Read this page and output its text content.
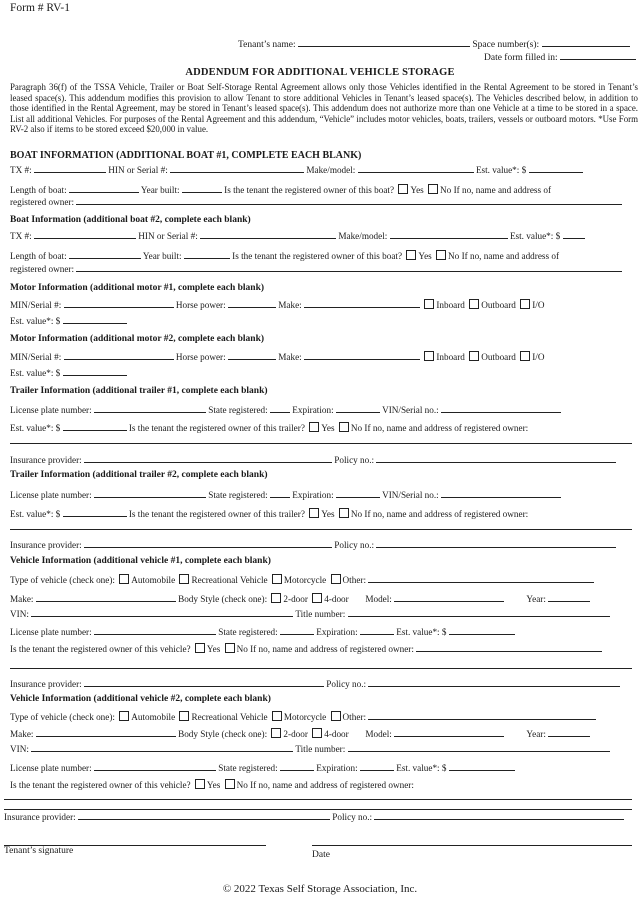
Form # RV-1
Tenant’s name:	Space number(s):
Date form filled in:
ADDENDUM FOR ADDITIONAL VEHICLE STORAGE
Paragraph 36(f) of the TSSA Vehicle, Trailer or Boat Self-Storage Rental Agreement allows only those Vehicles identified in the Rental Agreement to be stored in Tenant’s leased space(s). This addendum modifies this provision to allow Tenant to store additional Vehicles in Tenant’s leased space(s). The Vehicles described below, in addition to those identified in the Rental Agreement, may be stored in Tenant’s leased space(s). This addendum does not authorize more than one Vehicle at a time to be stored in a space. List all additional Vehicles. For purposes of the Rental Agreement and this addendum, “Vehicle” includes motor vehicles, boats, trailers, vessels or outboard motors. *Use Form RV-2 also if items to be stored exceed $20,000 in value.
BOAT INFORMATION (ADDITIONAL BOAT #1, COMPLETE EACH BLANK)
TX #:	HIN or Serial #:	Make/model:	Est. value*: $
Length of boat:	Year built:	Is the tenant the registered owner of this boat? Yes No If no, name and address of
registered owner:
Boat Information (additional boat #2, complete each blank)
TX #:	HIN or Serial #:	Make/model:	Est. value*: $
Length of boat:	Year built:	Is the tenant the registered owner of this boat? Yes No If no, name and address of
registered owner:
Motor Information (additional motor #1, complete each blank)
MIN/Serial #:	Horse power:	Make:	Inboard Outboard I/O
Est. value*: $
Motor Information (additional motor #2, complete each blank)
MIN/Serial #:	Horse power:	Make:	Inboard Outboard I/O
Est. value*: $
Trailer Information (additional trailer #1, complete each blank)
License plate number:	State registered:	Expiration:	VIN/Serial no.:
Est. value*: $	Is the tenant the registered owner of this trailer? Yes No If no, name and address of registered owner:
Insurance provider:	Policy no.:
Trailer Information (additional trailer #2, complete each blank)
License plate number:	State registered:	Expiration:	VIN/Serial no.:
Est. value*: $	Is the tenant the registered owner of this trailer? Yes No If no, name and address of registered owner:
Insurance provider:	Policy no.:
Vehicle Information (additional vehicle #1, complete each blank)
Type of vehicle (check one): Automobile Recreational Vehicle Motorcycle Other:
Make:	Body Style (check one): 2-door 4-door Model:	Year:
VIN:	Title number:
License plate number:	State registered:	Expiration:	Est. value*: $
Is the tenant the registered owner of this vehicle? Yes No If no, name and address of registered owner:
Insurance provider:	Policy no.:
Vehicle Information (additional vehicle #2, complete each blank)
Type of vehicle (check one): Automobile Recreational Vehicle Motorcycle Other:
Make:	Body Style (check one): 2-door 4-door Model:	Year:
VIN:	Title number:
License plate number:	State registered:	Expiration:	Est. value*: $
Is the tenant the registered owner of this vehicle? Yes No If no, name and address of registered owner:
Insurance provider:	Policy no.:
Tenant’s signature	Date
© 2022 Texas Self Storage Association, Inc.
